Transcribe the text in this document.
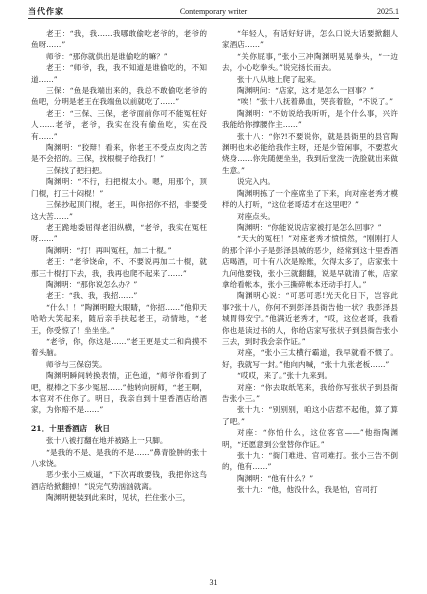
当代作家	Contemporary writer	2025.1

老王：“我，我……我哪敢偷吃老爷的，老爷的鱼呀……”

师爷：“那你就供出是谁偷吃的嘛？”

老王：“师爷，我，我不知道是谁偷吃的，不知道……”

三保：“鱼是我端出来的，我总不敢偷吃老爷的鱼吧，分明是老王在我端鱼以前就吃了……”

老王：“三保、三保，老爷面前你可不能冤枉好人……老爷，老爷，我实在没有偷鱼吃，实在没有……”

陶渊明：“狡辩！看来，你老王不受点皮肉之苦是不会招的。三保，找根棍子给我打！”

三保找了把扫把。

陶渊明：“不行，扫把棍太小。嗯，用那个，顶门棍，打三十闷棍！”

三保抄起顶门棍，老王，叫你招你不招，非要受这大苦……”

老王跪地委屈得老泪纵横，“老爷，我实在冤枉呀……”

陶渊明：“打！再叫冤枉，加二十棍。”

老王：“老爷饶命，不、不要说再加二十棍，就那三十棍打下去，我，我再也爬不起来了……”

陶渊明：“那你说怎么办？”

老王：“我、我，我招……”

“什么！！”陶渊明瞪大眼睛，“你招……”他仰天哈哈大笑起来，随后亲手扶起老王，动情地，“老王，你受惊了！坐坐坐。”

“老爷，你，你这是……”老王更是丈二和尚摸不着头脑。

师爷与三保窃笑。

陶渊明瞬间转换表情，正色道，“师爷你看到了吧，棍棒之下多少冤屈……”他转向厨师，“老王啊，本官对不住你了。明日，我亲自到十里香酒店给酒家，为你赔不是……”

21．十里香酒店　秋日

张十八被打翻在地并被路上一只脚。

“是我的不是、是我的不是……”鼻青脸肿的张十八求饶。

恶少张小三威逼，“下次再敢要钱，我把你这鸟酒店给掀翻掉！”说完气势汹汹就离。

陶渊明便装到此来时，见状，拦住张小三，

“年轻人，有话好好讲，怎么口说大话要掀翻人家酒店……”

“关你屁事，”张小三冲陶渊明晃晃拳头，“一边去，小心吃拳头。”说完扬长而去。

张十八从地上爬了起来。

陶渊明问：“店家，这才是怎么一回事？”

“唉！”张十八抚着鼻血，哭丧着脸，“不说了。”

陶渊明：“不妨说给我听听，是个什么事，兴许我能给你撑腰作主……”

张十八：“你?!不要说你，就是县衙里的县官陶渊明也未必能给我作主呀，还是少管闲事，不要惹火烧身……你先随便坐坐，我到后堂洗一洗脸就出来做生意。”

说完入内。

陶渊明拣了一个座席坐了下来，向对座老秀才模样的人打听，“这位老哥适才在这里吧？”

对座点头。

陶渊明：“你能说说店家被打是怎么回事？”

“天大的冤枉！”对座老秀才愤愤然，“刚刚打人的那个洋小子是彭泽县城的恶少，经常到这十里香酒店喝酒，可十有八次是赊账，欠得太多了，店家张十九问他要钱，张小三就翻翻，说是早就清了帐，店家拿给看帐本，张小三撕碎帐本还动手打人。”

陶渊明心说：“可恶可恶!光天化日下，岂容此事?张十八，你何不到彭泽县衙告他一状？我彭泽县城胃得安宁。”他满近老秀才，“哎，这位老哥，我看你也是读过书的人，你给店家写张状子到县衙告张小三去，到时我会亲作证。”

对座，“张小三太横行霸道，我早就看不惯了。好，我就写一封。”他向内喊，“张十九张老板……”

“哎哎，来了。”张十九来到。

对座：“你去取纸笔来，我给你写张状子到县衙告张小三。”

张十九：“别别别，咱这小店惹不起他，算了算了吧。”

对座：“你怕什么，这位客官——”他指陶渊明，“还愿意到公堂替你作证。”

张十九：“衙门难进、官司难打。张小三告不倒的，他有……”

陶渊明：“他有什么？”

张十九：“他，他没什么，我是怕，官司打

31
